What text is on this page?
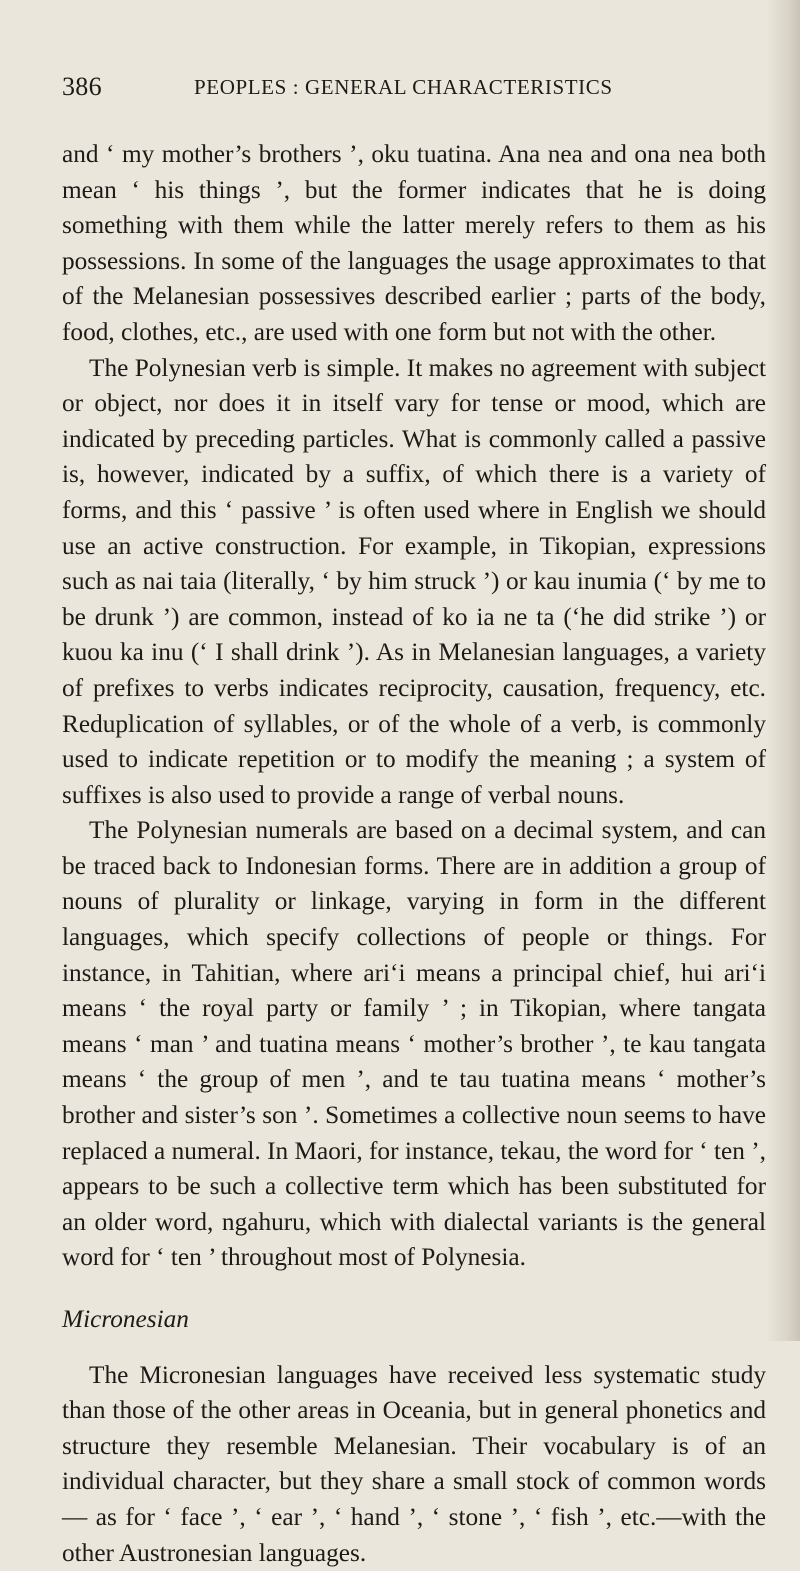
386	PEOPLES : GENERAL CHARACTERISTICS

and ‘ my mother’s brothers ’, oku tuatina. Ana nea and ona nea both mean ‘ his things ’, but the former indicates that he is doing something with them while the latter merely refers to them as his possessions. In some of the languages the usage approximates to that of the Melanesian possessives described earlier ; parts of the body, food, clothes, etc., are used with one form but not with the other.

The Polynesian verb is simple. It makes no agreement with subject or object, nor does it in itself vary for tense or mood, which are indicated by preceding particles. What is commonly called a passive is, however, indicated by a suffix, of which there is a variety of forms, and this ‘ passive ’ is often used where in English we should use an active construction. For example, in Tikopian, expressions such as nai taia (literally, ‘ by him struck ’) or kau inumia (‘ by me to be drunk ’) are common, instead of ko ia ne ta (‘he did strike ’) or kuou ka inu (‘ I shall drink ’). As in Melanesian languages, a variety of prefixes to verbs indicates reciprocity, causation, frequency, etc. Reduplication of syllables, or of the whole of a verb, is commonly used to indicate repetition or to modify the meaning ; a system of suffixes is also used to provide a range of verbal nouns.

The Polynesian numerals are based on a decimal system, and can be traced back to Indonesian forms. There are in addition a group of nouns of plurality or linkage, varying in form in the different languages, which specify collections of people or things. For instance, in Tahitian, where ari‘i means a principal chief, hui ari‘i means ‘ the royal party or family ’ ; in Tikopian, where tangata means ‘ man ’ and tuatina means ‘ mother’s brother ’, te kau tangata means ‘ the group of men ’, and te tau tuatina means ‘ mother’s brother and sister’s son ’. Sometimes a collective noun seems to have replaced a numeral. In Maori, for instance, tekau, the word for ‘ ten ’, appears to be such a collective term which has been substituted for an older word, ngahuru, which with dialectal variants is the general word for ‘ ten ’ throughout most of Polynesia.

Micronesian

The Micronesian languages have received less systematic study than those of the other areas in Oceania, but in general phonetics and structure they resemble Melanesian. Their vocabulary is of an individual character, but they share a small stock of common words— as for ‘ face ’, ‘ ear ’, ‘ hand ’, ‘ stone ’, ‘ fish ’, etc.—with the other Austronesian languages.
